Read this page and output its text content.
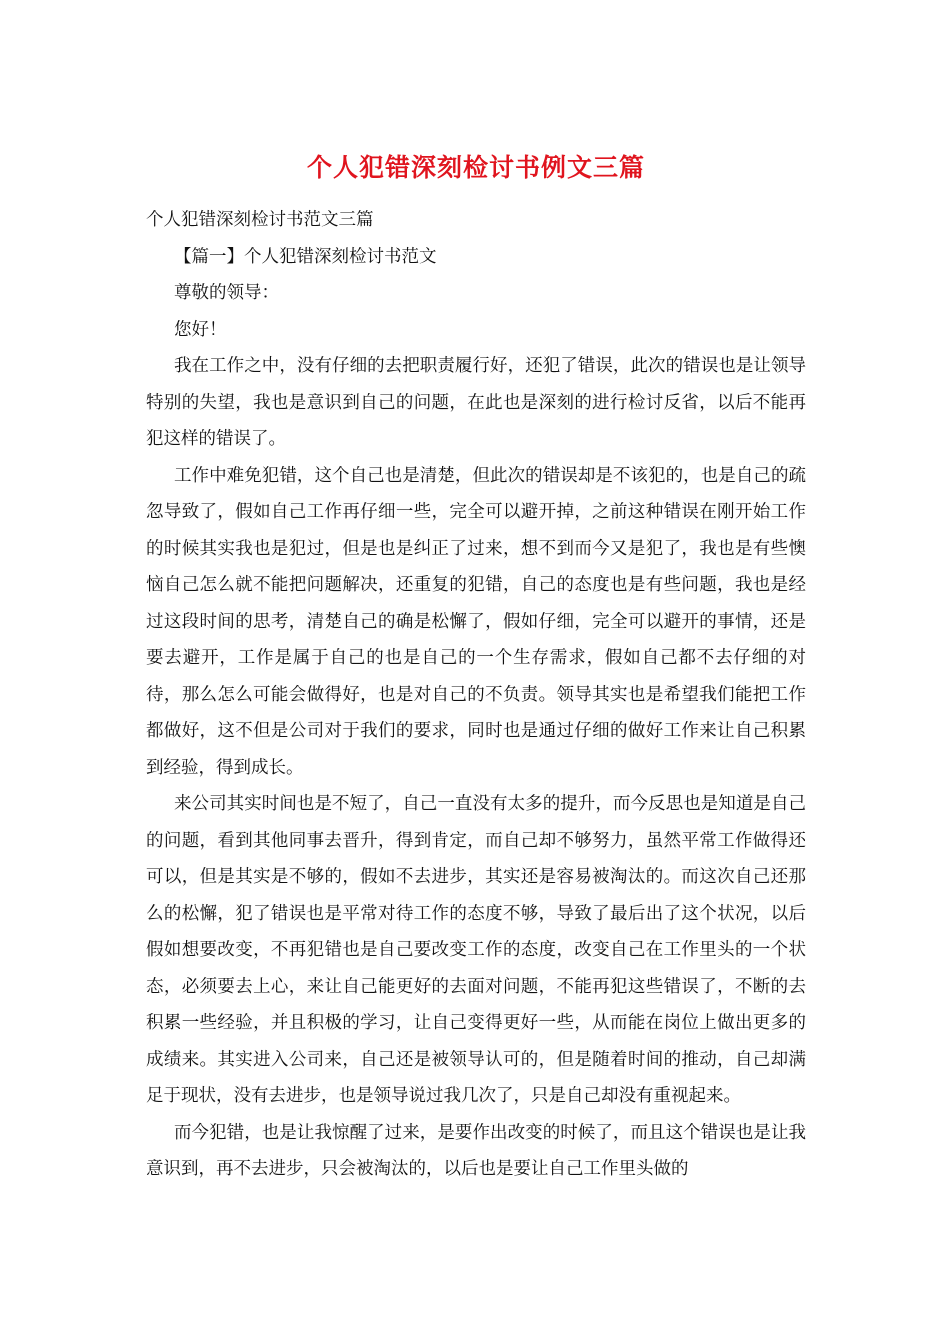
个人犯错深刻检讨书例文三篇

个人犯错深刻检讨书范文三篇

【篇一】个人犯错深刻检讨书范文

尊敬的领导：

您好！

我在工作之中，没有仔细的去把职责履行好，还犯了错误，此次的错误也是让领导特别的失望，我也是意识到自己的问题，在此也是深刻的进行检讨反省，以后不能再犯这样的错误了。

工作中难免犯错，这个自己也是清楚，但此次的错误却是不该犯的，也是自己的疏忽导致了，假如自己工作再仔细一些，完全可以避开掉，之前这种错误在刚开始工作的时候其实我也是犯过，但是也是纠正了过来，想不到而今又是犯了，我也是有些懊恼自己怎么就不能把问题解决，还重复的犯错，自己的态度也是有些问题，我也是经过这段时间的思考，清楚自己的确是松懈了，假如仔细，完全可以避开的事情，还是要去避开，工作是属于自己的也是自己的一个生存需求，假如自己都不去仔细的对待，那么怎么可能会做得好，也是对自己的不负责。领导其实也是希望我们能把工作都做好，这不但是公司对于我们的要求，同时也是通过仔细的做好工作来让自己积累到经验，得到成长。

来公司其实时间也是不短了，自己一直没有太多的提升，而今反思也是知道是自己的问题，看到其他同事去晋升，得到肯定，而自己却不够努力，虽然平常工作做得还可以，但是其实是不够的，假如不去进步，其实还是容易被淘汰的。而这次自己还那么的松懈，犯了错误也是平常对待工作的态度不够，导致了最后出了这个状况，以后假如想要改变，不再犯错也是自己要改变工作的态度，改变自己在工作里头的一个状态，必须要去上心，来让自己能更好的去面对问题，不能再犯这些错误了，不断的去积累一些经验，并且积极的学习，让自己变得更好一些，从而能在岗位上做出更多的成绩来。其实进入公司来，自己还是被领导认可的，但是随着时间的推动，自己却满足于现状，没有去进步，也是领导说过我几次了，只是自己却没有重视起来。

而今犯错，也是让我惊醒了过来，是要作出改变的时候了，而且这个错误也是让我意识到，再不去进步，只会被淘汰的，以后也是要让自己工作里头做的
